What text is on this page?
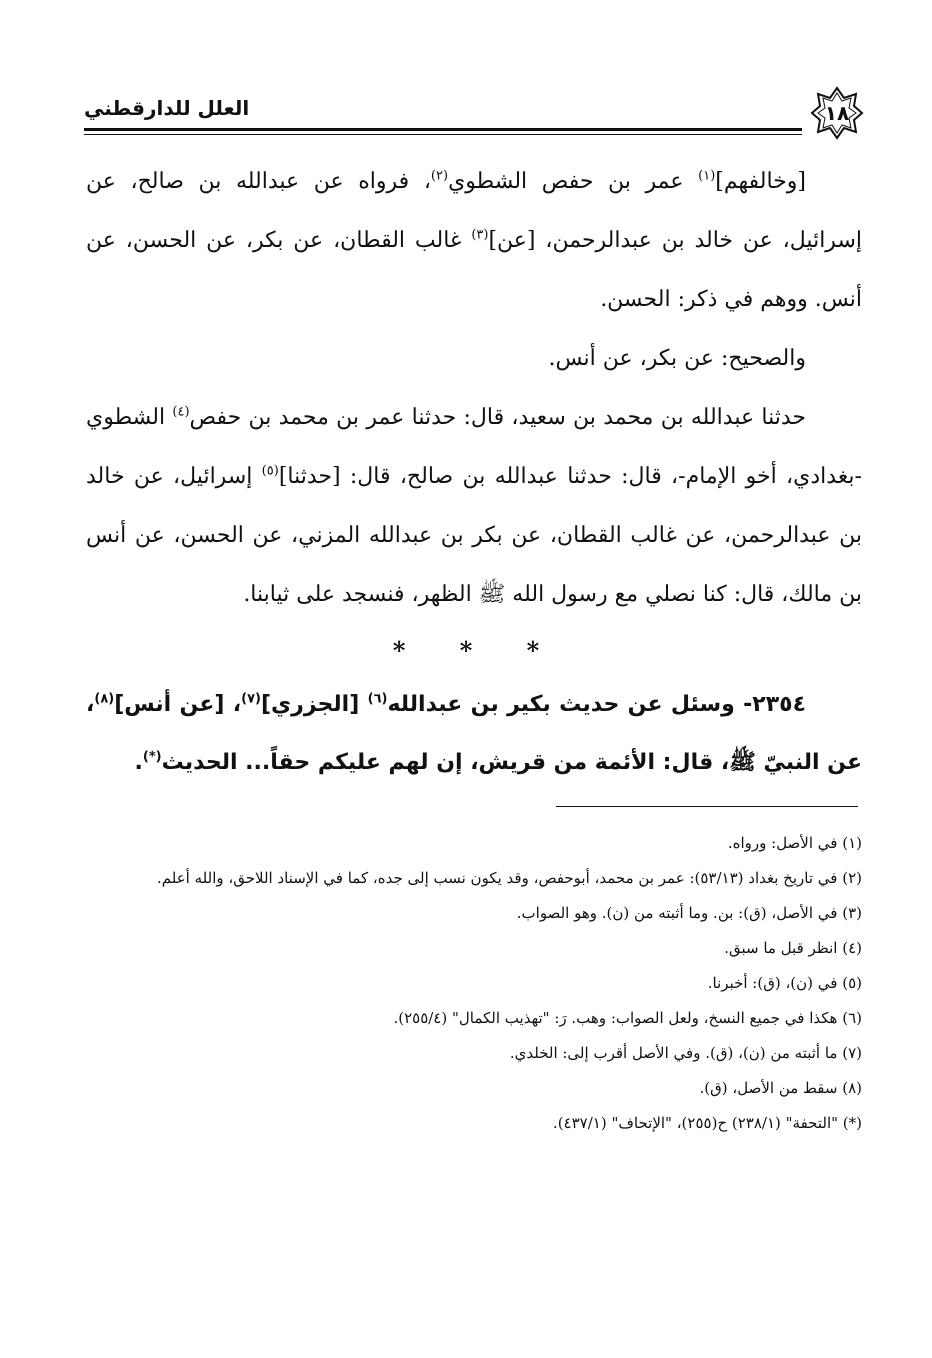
العلل للدارقطني	١٨

[وخالفهم]$^{(١)}$ عمر بن حفص الشطوي$^{(٢)}$، فرواه عن عبدالله بن صالح، عن إسرائيل، عن خالد بن عبدالرحمن، [عن]$^{(٣)}$ غالب القطان، عن بكر، عن الحسن، عن أنس. ووهم في ذكر: الحسن.

والصحيح: عن بكر، عن أنس.

حدثنا عبدالله بن محمد بن سعيد، قال: حدثنا عمر بن محمد بن حفص$^{(٤)}$ الشطوي -بغدادي، أخو الإمام-، قال: حدثنا عبدالله بن صالح، قال: [حدثنا]$^{(٥)}$ إسرائيل، عن خالد بن عبدالرحمن، عن غالب القطان، عن بكر بن عبدالله المزني، عن الحسن، عن أنس بن مالك، قال: كنا نصلي مع رسول الله ﷺ الظهر، فنسجد على ثيابنا.

* * *

٢٣٥٤- وسئل عن حديث بكير بن عبدالله$^{(٦)}$ [الجزري]$^{(٧)}$، [عن أنس]$^{(٨)}$، عن النبيّ ﷺ، قال: الأئمة من قريش، إن لهم عليكم حقاً... الحديث(*).

(١) في الأصل: ورواه.

(٢) في تاريخ بغداد (٥٣/١٣): عمر بن محمد، أبوحفص، وقد يكون نسب إلى جده، كما في الإسناد اللاحق، والله أعلم.

(٣) في الأصل، (ق): بن. وما أثبته من (ن). وهو الصواب.

(٤) انظر قبل ما سبق.

(٥) في (ن)، (ق): أخبرنا.

(٦) هكذا في جميع النسخ، ولعل الصواب: وهب. رَ: "تهذيب الكمال" (٢٥٥/٤).

(٧) ما أثبته من (ن)، (ق). وفي الأصل أقرب إلى: الخلدي.

(٨) سقط من الأصل، (ق).

(*) "التحفة" (٢٣٨/١) ح(٢٥٥)، "الإتحاف" (٤٣٧/١).
